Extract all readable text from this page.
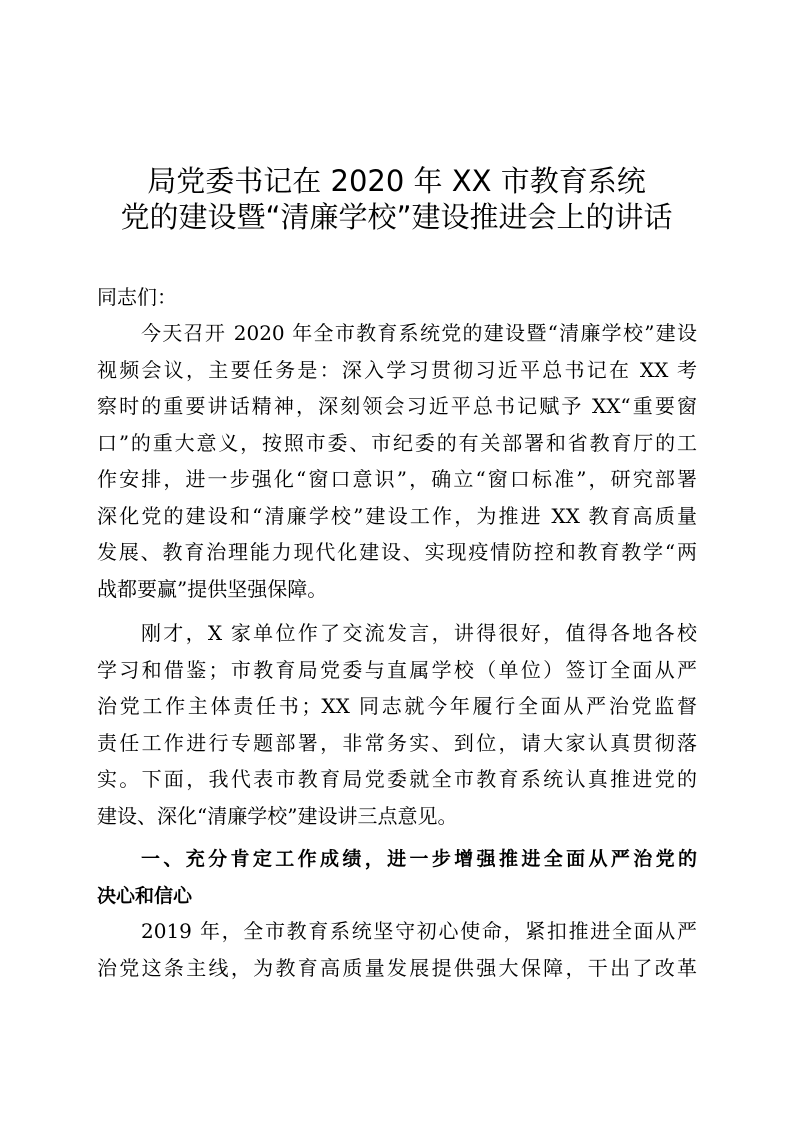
局党委书记在 2020 年 XX 市教育系统
党的建设暨“清廉学校”建设推进会上的讲话
同志们：
今天召开 2020 年全市教育系统党的建设暨“清廉学校”建设
视频会议，主要任务是：深入学习贯彻习近平总书记在 XX 考
察时的重要讲话精神，深刻领会习近平总书记赋予 XX“重要窗
口”的重大意义，按照市委、市纪委的有关部署和省教育厅的工
作安排，进一步强化“窗口意识”，确立“窗口标准”，研究部署
深化党的建设和“清廉学校”建设工作，为推进 XX 教育高质量
发展、教育治理能力现代化建设、实现疫情防控和教育教学“两
战都要赢”提供坚强保障。
刚才，X 家单位作了交流发言，讲得很好，值得各地各校
学习和借鉴；市教育局党委与直属学校（单位）签订全面从严
治党工作主体责任书；XX 同志就今年履行全面从严治党监督
责任工作进行专题部署，非常务实、到位，请大家认真贯彻落
实。下面，我代表市教育局党委就全市教育系统认真推进党的
建设、深化“清廉学校”建设讲三点意见。
一、充分肯定工作成绩，进一步增强推进全面从严治党的
决心和信心
2019 年，全市教育系统坚守初心使命，紧扣推进全面从严
治党这条主线，为教育高质量发展提供强大保障，干出了改革
